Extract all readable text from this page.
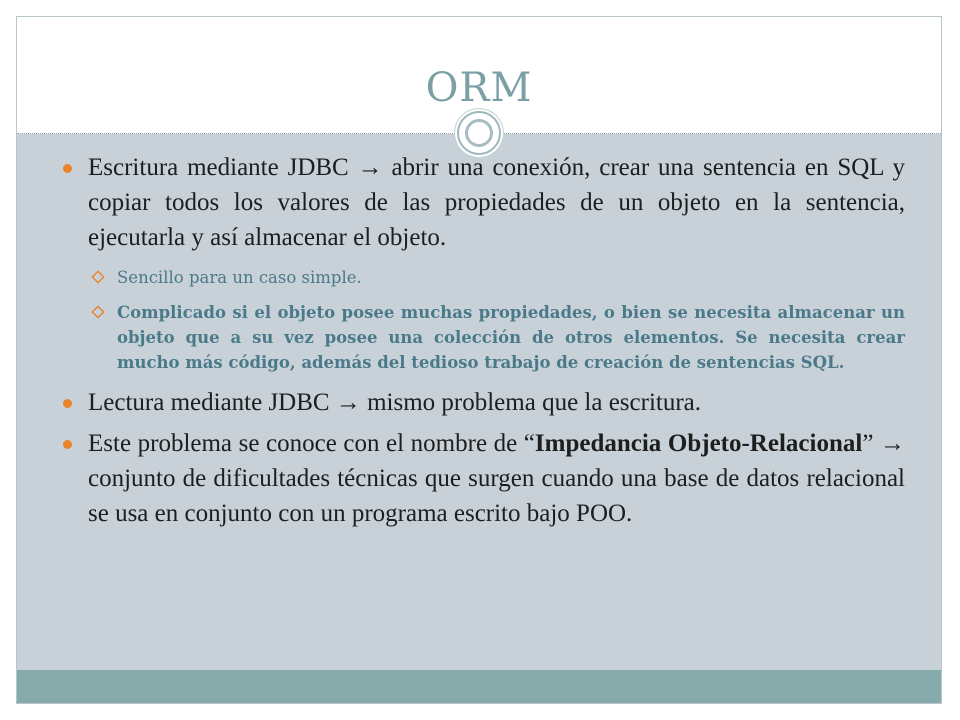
ORM
Escritura mediante JDBC → abrir una conexión, crear una sentencia en SQL y copiar todos los valores de las propiedades de un objeto en la sentencia, ejecutarla y así almacenar el objeto.
Sencillo para un caso simple.
Complicado si el objeto posee muchas propiedades, o bien se necesita almacenar un objeto que a su vez posee una colección de otros elementos. Se necesita crear mucho más código, además del tedioso trabajo de creación de sentencias SQL.
Lectura mediante JDBC → mismo problema que la escritura.
Este problema se conoce con el nombre de “Impedancia Objeto-Relacional” → conjunto de dificultades técnicas que surgen cuando una base de datos relacional se usa en conjunto con un programa escrito bajo POO.
